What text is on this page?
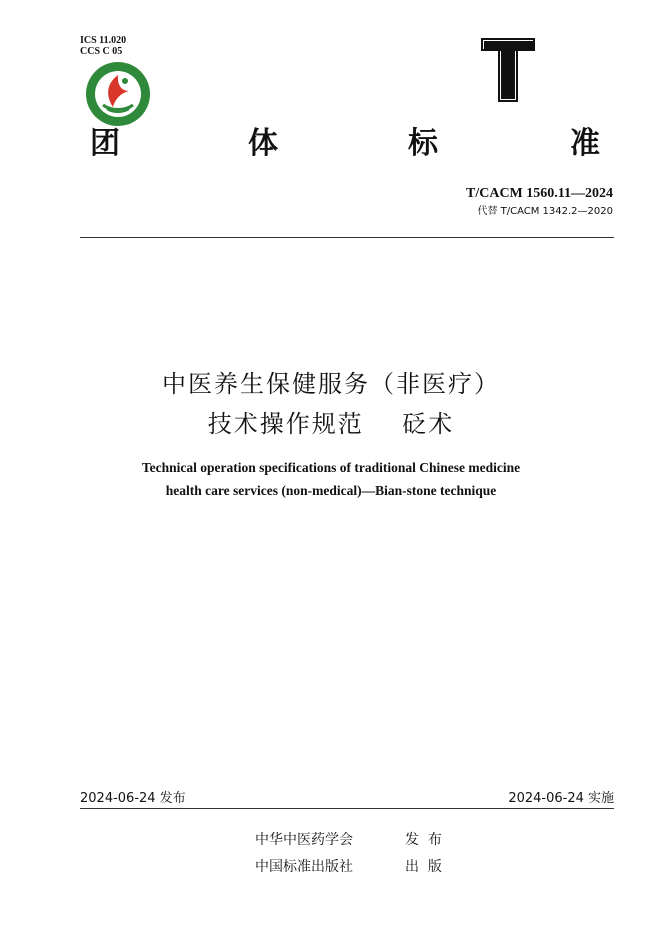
ICS 11.020
CCS C 05
T
团	体	标	准
T/CACM 1560.11—2024
代替 T/CACM 1342.2—2020
中医养生保健服务（非医疗）
技术操作规范    砭术
Technical operation specifications of traditional Chinese medicine
health care services (non-medical)—Bian-stone technique
2024-06-24 发布	2024-06-24 实施
中华中医药学会	发  布
中国标准出版社	出  版
